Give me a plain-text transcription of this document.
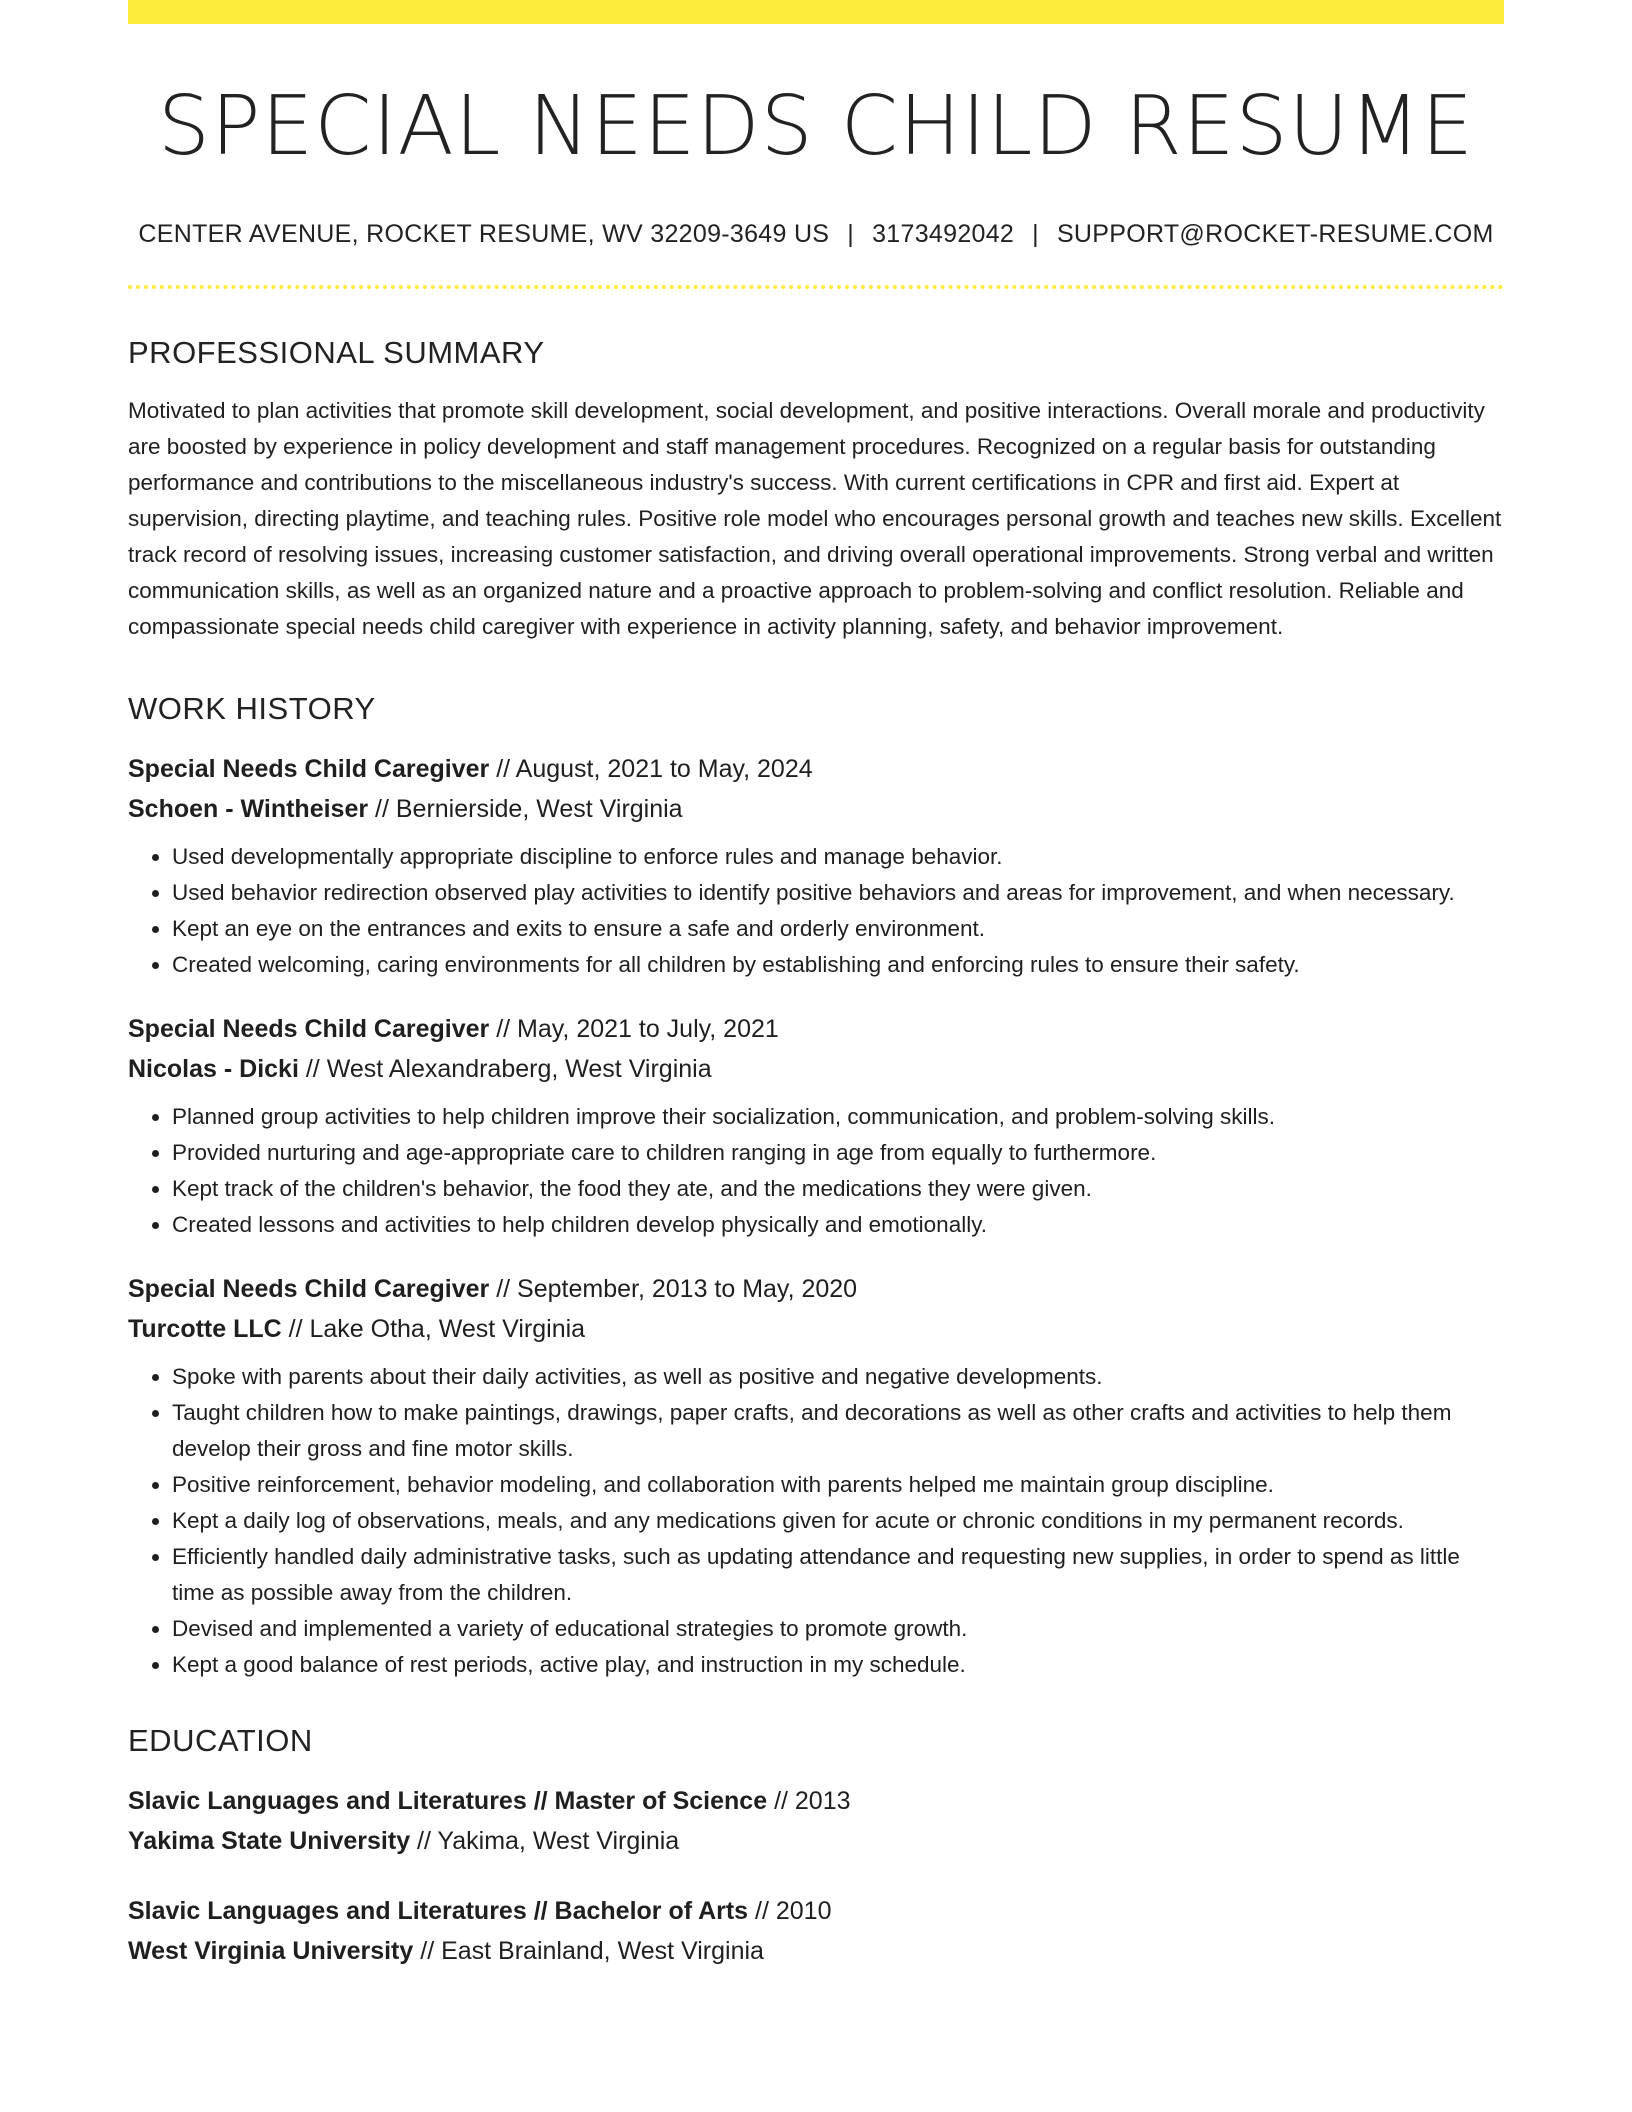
SPECIAL NEEDS CHILD RESUME
CENTER AVENUE, ROCKET RESUME, WV 32209-3649 US | 3173492042 | SUPPORT@ROCKET-RESUME.COM
PROFESSIONAL SUMMARY

Motivated to plan activities that promote skill development, social development, and positive interactions. Overall morale and productivity are boosted by experience in policy development and staff management procedures. Recognized on a regular basis for outstanding performance and contributions to the miscellaneous industry's success. With current certifications in CPR and first aid. Expert at supervision, directing playtime, and teaching rules. Positive role model who encourages personal growth and teaches new skills. Excellent track record of resolving issues, increasing customer satisfaction, and driving overall operational improvements. Strong verbal and written communication skills, as well as an organized nature and a proactive approach to problem-solving and conflict resolution. Reliable and compassionate special needs child caregiver with experience in activity planning, safety, and behavior improvement.

WORK HISTORY
Special Needs Child Caregiver // August, 2021 to May, 2024
Schoen - Wintheiser // Bernierside, West Virginia
• Used developmentally appropriate discipline to enforce rules and manage behavior.
• Used behavior redirection observed play activities to identify positive behaviors and areas for improvement, and when necessary.
• Kept an eye on the entrances and exits to ensure a safe and orderly environment.
• Created welcoming, caring environments for all children by establishing and enforcing rules to ensure their safety.
Special Needs Child Caregiver // May, 2021 to July, 2021
Nicolas - Dicki // West Alexandraberg, West Virginia
• Planned group activities to help children improve their socialization, communication, and problem-solving skills.
• Provided nurturing and age-appropriate care to children ranging in age from equally to furthermore.
• Kept track of the children's behavior, the food they ate, and the medications they were given.
• Created lessons and activities to help children develop physically and emotionally.
Special Needs Child Caregiver // September, 2013 to May, 2020
Turcotte LLC // Lake Otha, West Virginia
• Spoke with parents about their daily activities, as well as positive and negative developments.
• Taught children how to make paintings, drawings, paper crafts, and decorations as well as other crafts and activities to help them develop their gross and fine motor skills.
• Positive reinforcement, behavior modeling, and collaboration with parents helped me maintain group discipline.
• Kept a daily log of observations, meals, and any medications given for acute or chronic conditions in my permanent records.
• Efficiently handled daily administrative tasks, such as updating attendance and requesting new supplies, in order to spend as little time as possible away from the children.
• Devised and implemented a variety of educational strategies to promote growth.
• Kept a good balance of rest periods, active play, and instruction in my schedule.
EDUCATION
Slavic Languages and Literatures // Master of Science // 2013
Yakima State University // Yakima, West Virginia
Slavic Languages and Literatures // Bachelor of Arts // 2010
West Virginia University // East Brainland, West Virginia
